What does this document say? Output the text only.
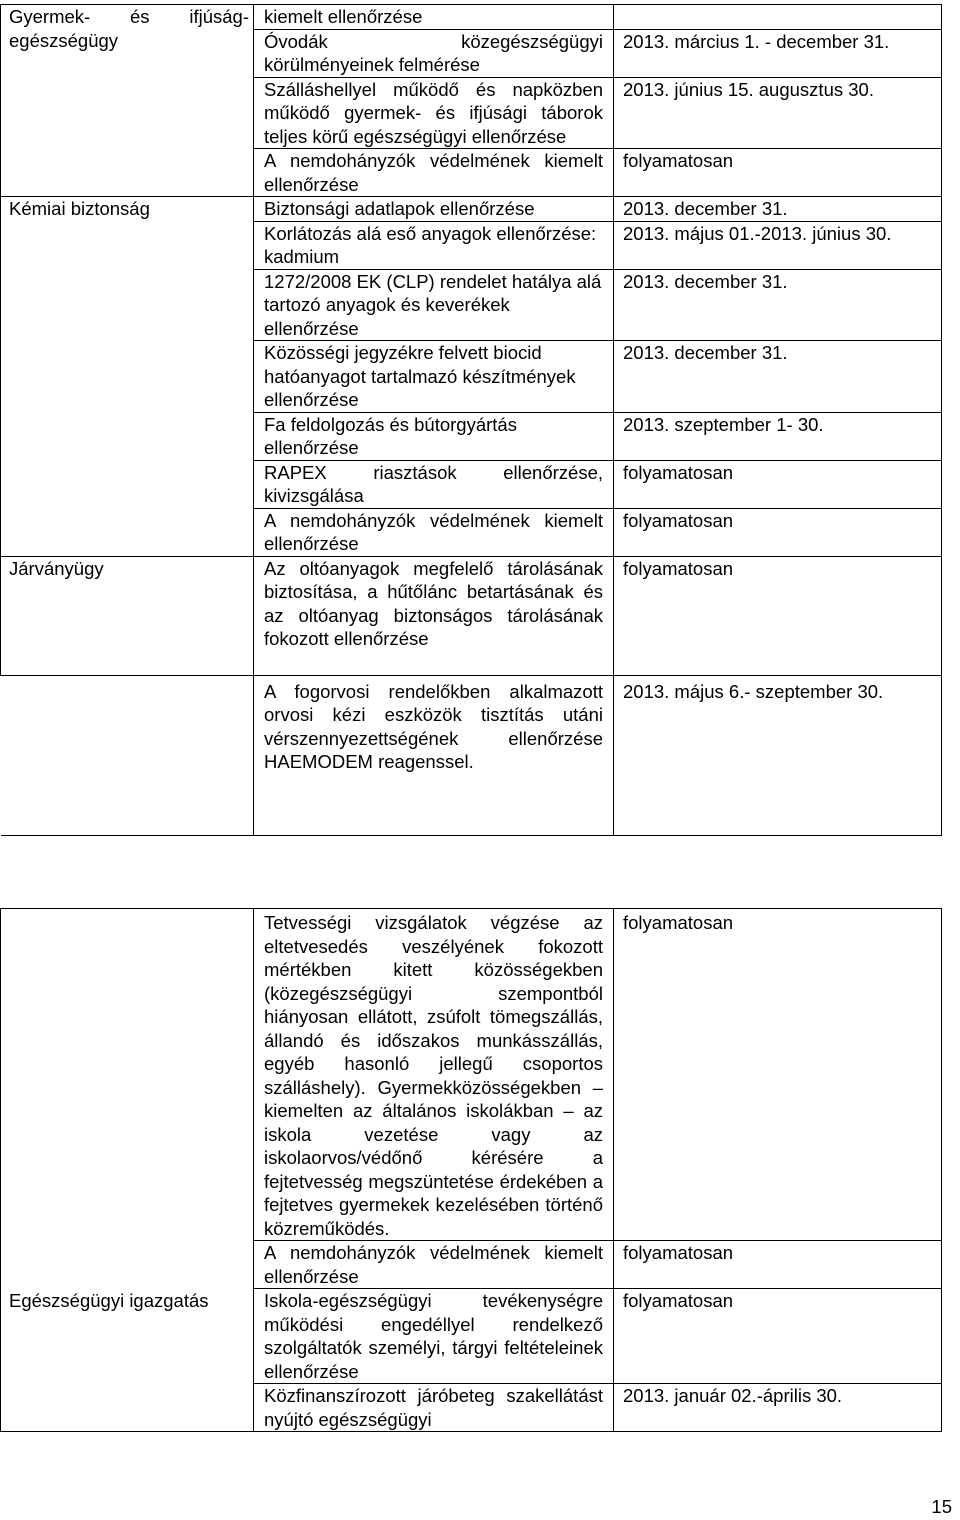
	kiemelt ellenőrzése	

Gyermek- és ifjúság-egészségügy	Óvodák közegészségügyi körülményeinek felmérése	2013. március 1. - december 31.

	Szálláshellyel működő és napközben működő gyermek- és ifjúsági táborok teljes körű egészségügyi ellenőrzése	2013. június 15. augusztus 30.

	A nemdohányzók védelmének kiemelt ellenőrzése	folyamatosan

Kémiai biztonság	Biztonsági adatlapok ellenőrzése	2013. december 31.

	Korlátozás alá eső anyagok ellenőrzése: kadmium	2013. május 01.-2013. június 30.

	1272/2008 EK (CLP) rendelet hatálya alá tartozó anyagok és keverékek ellenőrzése	2013. december 31.

	Közösségi jegyzékre felvett biocid hatóanyagot tartalmazó készítmények ellenőrzése	2013. december 31.

	Fa feldolgozás és bútorgyártás ellenőrzése	2013. szeptember 1- 30.

	RAPEX riasztások ellenőrzése, kivizsgálása	folyamatosan

	A nemdohányzók védelmének kiemelt ellenőrzése	folyamatosan

Járványügy	Az oltóanyagok megfelelő tárolásának biztosítása, a hűtőlánc betartásának és az oltóanyag biztonságos tárolásának fokozott ellenőrzése	folyamatosan

	A fogorvosi rendelőkben alkalmazott orvosi kézi eszközök tisztítás utáni vérszennyezettségének ellenőrzése HAEMODEM reagenssel.	2013. május 6.- szeptember 30.

	Tetvességi vizsgálatok végzése az eltetvesedés veszélyének fokozott mértékben kitett közösségekben (közegészségügyi szempontból hiányosan ellátott, zsúfolt tömegszállás, állandó és időszakos munkásszállás, egyéb hasonló jellegű csoportos szálláshely). Gyermekközösségekben – kiemelten az általános iskolákban – az iskola vezetése vagy az iskolaorvos/védőnő kérésére a fejtetvesség megszüntetése érdekében a fejtetves gyermekek kezelésében történő közreműködés.	folyamatosan

	A nemdohányzók védelmének kiemelt ellenőrzése	folyamatosan

Egészségügyi igazgatás	Iskola-egészségügyi tevékenységre működési engedéllyel rendelkező szolgáltatók személyi, tárgyi feltételeinek ellenőrzése	folyamatosan

	Közfinanszírozott járóbeteg szakellátást nyújtó egészségügyi	2013. január 02.-április 30.

15
